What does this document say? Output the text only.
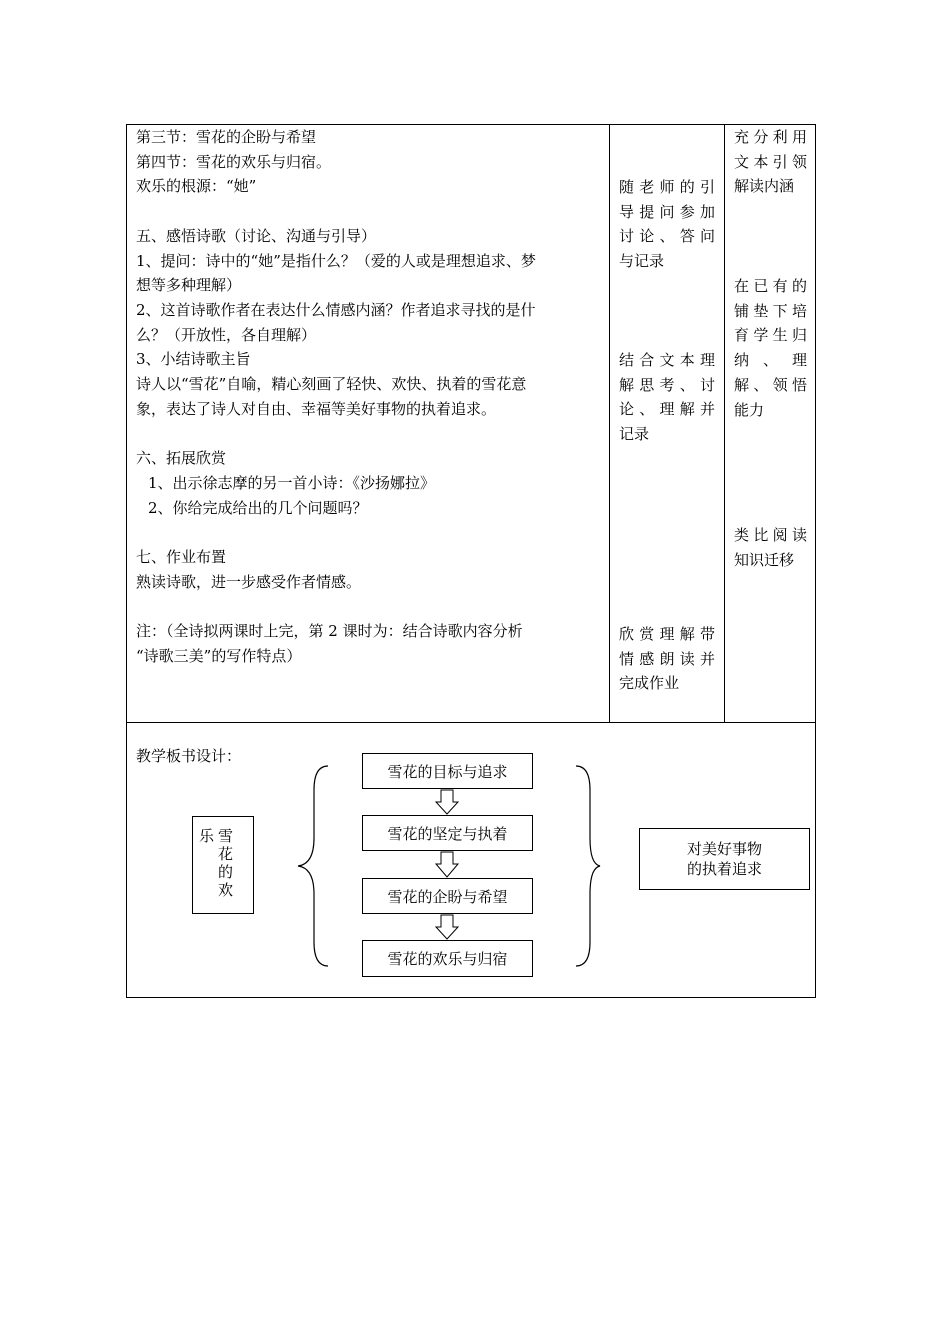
第三节：雪花的企盼与希望
第四节：雪花的欢乐与归宿。
欢乐的根源：“她”
五、感悟诗歌（讨论、沟通与引导）
1、提问：诗中的“她”是指什么？（爱的人或是理想追求、梦
想等多种理解）
2、这首诗歌作者在表达什么情感内涵？作者追求寻找的是什
么？（开放性，各自理解）
3、小结诗歌主旨
诗人以“雪花”自喻，精心刻画了轻快、欢快、执着的雪花意
象，表达了诗人对自由、幸福等美好事物的执着追求。
六、拓展欣赏
1、出示徐志摩的另一首小诗：《沙扬娜拉》
2、你给完成给出的几个问题吗？
七、作业布置
熟读诗歌，进一步感受作者情感。
注：（全诗拟两课时上完，第 2 课时为：结合诗歌内容分析
“诗歌三美”的写作特点）
随老师的引
导提问参加
讨论、答问
与记录
结合文本理
解思考、讨
论、理解并
记录
欣赏理解带
情感朗读并
完成作业
充分利用
文本引领
解读内涵
在已有的
铺垫下培
育学生归
纳 、 理
解、领悟
能力
类比阅读
知识迁移
教学板书设计：
乐 雪
花
的
欢
雪花的目标与追求
雪花的坚定与执着
雪花的企盼与希望
雪花的欢乐与归宿
对美好事物
的执着追求
